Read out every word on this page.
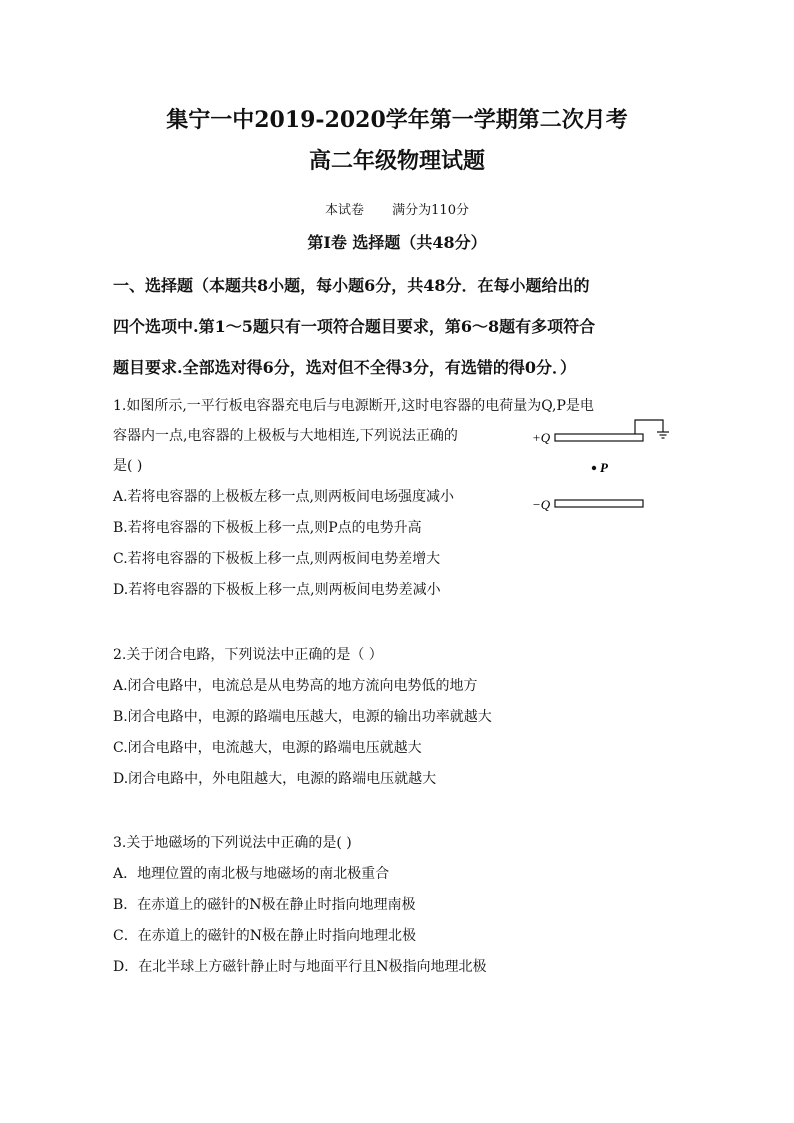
集宁一中2019-2020学年第一学期第二次月考
高二年级物理试题
本试卷 满分为110分
第Ⅰ卷 选择题（共48分）
一、选择题（本题共8小题，每小题6分，共48分．在每小题给出的
四个选项中.第1～5题只有一项符合题目要求，第6～8题有多项符合
题目要求.全部选对得6分，选对但不全得3分，有选错的得0分．）
1.如图所示,一平行板电容器充电后与电源断开,这时电容器的电荷量为Q,P是电
容器内一点,电容器的上极板与大地相连,下列说法正确的
是( )
A.若将电容器的上极板左移一点,则两板间电场强度减小
B.若将电容器的下极板上移一点,则P点的电势升高
C.若将电容器的下极板上移一点,则两板间电势差增大
D.若将电容器的下极板上移一点,则两板间电势差减小
+Q
P
−Q
2.关于闭合电路，下列说法中正确的是（ ）
A.闭合电路中，电流总是从电势高的地方流向电势低的地方
B.闭合电路中，电源的路端电压越大，电源的输出功率就越大
C.闭合电路中，电流越大，电源的路端电压就越大
D.闭合电路中，外电阻越大，电源的路端电压就越大
3.关于地磁场的下列说法中正确的是( )
A．地理位置的南北极与地磁场的南北极重合
B．在赤道上的磁针的N极在静止时指向地理南极
C．在赤道上的磁针的N极在静止时指向地理北极
D．在北半球上方磁针静止时与地面平行且N极指向地理北极
